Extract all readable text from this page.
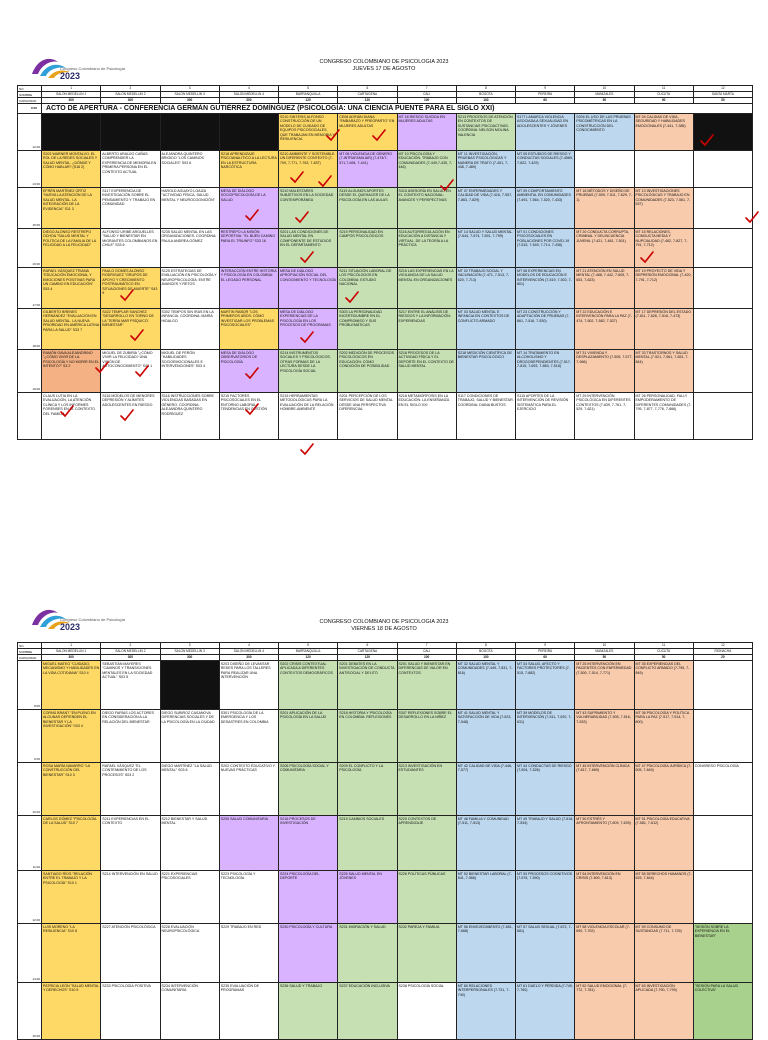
Congreso Colombiano de Psicología
2023
CONGRESO COLOMBIANO DE PSICOLOGIA 2023
JUEVES 17 DE AGOSTO
NO.	1	2	3	4	5	6	7	8	9	10	11	12
NOMBRE	SALON MEDELLIN 1	SALON MEDELLIN 2	SALON MEDELLIN 3	SALON MEDELLIN 4	BARRANQUILLA	CARTAGENA	CALI	BOGOTA	PEREIRA	MANIZALES	CUCUTA	SANTA MARTA
CAPACIDAD	300	300	300	300	120	120	100	100	60	50	50	50
9:00	ACTO DE APERTURA - CONFERENCIA GERMÁN GUTIÉRREZ DOMÍNGUEZ (PSICOLOGÍA: UNA CIENCIA PUENTE PARA EL SIGLO XXI)											
12:00					S210 SINTESIS ALFONSO CONSTRUCCIÓN DE UN MODELO DE CUIDADO DE EQUIPOS PSICOSOCIALES, QUE TRABAJAN EN MEMORIA Y RESILIENCIA	CE08 ADRIÁN DIANA "EMBARAZO Y PREOPARTO" EN MUJERES ADULTAS	MT 18 RIESGO SUICIDA EN MUJERES ADULTAS	S213 PROCESOS DE ATENCIÓN EN CONTEXTOS DE SUSTANCIAS PSICOACTIVAS. COORDINA: NELSON MOLINA VALENCIA	S177 LAMARCA VIOLENCIA ASOCIADA A SEXUALIDAD EN ADOLESCENTES Y JÓVENES	S204 EL USO DE LAS PRUEBAS PSICOMÉTRICAS EN LA CONSTRUCCIÓN DEL CONOCIMIENTO	MT 04 CALIDAD DE VIDA, SEGURIDAD Y HABILIDADES EMOCIONALES (7-441, 7-385)	
13:00	S203 WARNER MONTALVO. EL ROL DE LA REDES SOCIALES Y SALUD MENTAL. ¿DÓNDE Y CÓMO HABLAR? (S16 2)	ALBERTO ARAÚJO CAÑAS. COMPRENDER LA EXPERIENCIA DE MEMORIA EN PRIMERA PERSONA EN EL CONTEXTO ACTUAL	ALEJANDRA QUINTERO BRIGIDO "LOS CAMINOS SOCIALES" S03 6	S218 APRENDIZAJE PSICOANALÍTICO A LA LECTURA EN LA ESTRUCTURA NARCÓTICA	S210 AMBIENTE Y SOSTENIBLE. UN DIFERENTE CONTEXTO (7-709, 7-771, 7-763, 7-837)	MT 06 VIOLENCIA DE GÉNERO (7-INTRAFAMILIAR) (7-474/7-571,7-694, 7-441)	MT 10 PSICOLOGÍA Y EDUCACIÓN. TRABAJO CON COMUNIDADES (7-449,7-435, 7-446)	MT 11 INVESTIGACIÓN, PRUEBAS PSICOLÓGICAS Y MANERA DE TRATO (7-451, 7-438, 7-489)	MT 05 ESTUDIOS DE RIESGO Y CONDUCTAS SOCIALES (7-4589, 7-822, 7-429)			
15:00	EFRÉN MARTÍNEZ ORTIZ "NUEVA LA ATENCIÓN DE LA SALUD MENTAL. LA INTEGRACIÓN DE LA EVIDENCIA" S11 3	S117 EXPERIENCIA DE INVESTIGACIÓN SOBRE EL PENSAMIENTO Y TRABAJO EN COMUNIDAD	HAROLD AGUAYO LOAIZA "ACTIVIDAD FÍSICA, SALUD MENTAL Y NEUROCOGNICIÓN"	MESA DE DIÁLOGO SOCIOPSICOLOGÍA DE LA SALUD	S210 MALESTARES SUBJETIVOS EN LA SOCIEDAD CONTEMPORÁNEA	S119 ALGUNOS APORTES DESDE EL QUEHACER DE LA PSICOLOGÍA EN LAS AULAS	S315 ASESORÍA EN SALUD EN EL CONTEXTO NACIONAL: AVANCES Y PERSPECTIVAS	MT 07 ENFERMEDADES Y CALIDAD DE VIDA (7-416, 7-557, 7-863, 7-829)	MT 09 COMPORTAMIENTO AMBIENTAL EN COMUNIDADES (7-491, 7-564, 7-520, 7-433)	MT 16 MÉTODOS Y DISEÑO DE PRUEBAS (7-509, 7-511, 7-629, 7-1)	MT 13 INVESTIGACIONES PSICOLÓGICAS Y TRABAJO EN COMUNIDADES (7-523, 7-561, 7-537)	
16:00	DIEGO ALONSO RESTREPO OCHOA "SALUD MENTAL Y POLÍTICA DE LA FAMILIA DE LA FELICIDAD A LA FELICIDAD"	ALFONSO URIBE ARGUELLES "SALUD Y BIENESTAR EN MIGRANTES COLOMBIANOS EN CHILE" S33 6	S235 SALUD MENTAL EN LAS ORGANIZACIONES. COORDINA: PAULA ANDREA GÓMEZ	RESTREPO LA MISIÓN DEPORTIVA: "EL BUEN CAMINO PARA EL TRIUNFO" S33 16	S201 LAS CONDICIONES DE SALUD MENTAL EN COMPONENTE DE ESTUDIOS EN EL DEPARTAMENTO	S219 PERSONALIDAD EN CAMPOS PSICOLÓGICOS	S116 AUTORREGULACIÓN EN EDUCACIÓN A DISTANCIA Y VIRTUAL, DE LA TEORÍA A LA PRÁCTICA	MT 14 SALUD Y SALUD MENTAL (7-644, 7-674, 7-591, 7-799)	MT 01 CONDICIONES PSICOSOCIALES EN POBLACIONES POR COVID-19 (7-515, 7-549, 7-714, 7-436)	MT 20 CONDUCTA CORRUPTA, CRIMINAL Y DELINCUENCIA JUVENIL (7-421, 7-481, 7-501)	MT 15 RELACIONES, CONDUCTA MEDIA Y NUPCIALIDAD (7-462, 7-827, 7-791, 7-712)	
17:00	RAFAEL VÁSQUEZ TRIANA "EDUCACIÓN EMOCIONAL Y EMOCIONES POSITIVAS PARA UN CAMBIO EN EDUCACIÓN" S53 4	PAULO GOMES ALONSO RODRIGUEZ "GRUPOS DE APOYO Y CRECIMIENTO POSTRAUMÁTICO EN SITUACIONES DE MUERTE" S43 9	S125 ESTRATEGIAS DE EVALUACIÓN EN PSICOLOGÍA Y NEUROPSICOLOGÍA: ENTRE AVANCES Y RETOS	INTERACCIÓN ENTRE HISTORIA Y PSICOLOGÍA EN COLOMBIA: EL LEGADO PERSONAL	MESA DE DIÁLOGO APROPIACIÓN SOCIAL DEL CONOCIMIENTO Y TECNOLOGÍA	S211 SITUACIÓN LABORAL DE LOS PSICÓLOGOS EN COLOMBIA: ESTUDIO NACIONAL	S215 LAS EXPERIENCIAS EN LA VIGILANCIA DE LA SALUD MENTAL EN ORGANIZACIONES	MT 02 TRABAJO SOCIAL Y VACUNACIÓN (7-471, 7-513, 7-620, 7-713)	MT 08 EXPERIENCIAS EN MODELOS DE EDUCACIÓN E INTERVENCIÓN (7-519, 7-502, 7-801)	MT 21 ATENCIÓN EN SALUD MENTAL (7-468, 7-442, 7-605, 7-653, 7-623)	MT 19 PROYECTO DE VIDA Y DEPRESIÓN EMOCIONAL (7-420, 7-791, 7-712)	
18:00	GILBERTO BRENES HERNÁNDEZ "EVALUACIÓN EN SALUD MENTAL. LA NUEVA PRIORIDAD EN AMÉRICA LATINA PARA LA SALUD" S33 7	S422 TEMPLAR SANCHEZ "DESARROLLO EN TORNO DE LA 'TERRA MAR PSÍQUICO'. BIENESTAR"	S302 TEMPOS SIN IRAS EN LA INFANCIA. COORDINA: MARÍA HIDALGO	MARTIN RABOR "LOS PRIMEROS AÑOS: CÓMO INVESTIGAR LOS PROBLEMAS PSICOSOCIALES"	MESA DE DIÁLOGO EXPERIENCIAS DE LA PSICOLOGÍA EN LOS PROCESOS DE PROGRAMAS	S303 LA PERSONALIDAD INCERTIDUMBRE EN EL COMPROMISO Y SUS PROBLEMÁTICAS	S217 ENTRE EL ANÁLISIS DE RIESGOS Y LA INFORMACIÓN: EXPERIENCIAS	MT 03 SALUD MENTAL E INFANCIA EN CONTEXTOS DE CONFLICTO ARMADO	MT 23 CONSTRUCCIÓN Y ADAPTACIÓN DE PRUEBAS (7-861, 7-516, 7-530)	MT 22 EDUCACIÓN E INTERVENCIÓN PARA LA PAZ (7-474, 7-502, 7-582, 7-527)	MT 17 DEPRESIÓN DEL ESTADO (7-811, 7-628, 7-516, 7-473)	
19:00	RAMÓN GAVA ALEJANDRINO "¿CÓMO VIVIR DE LA PSICOLOGÍA Y NO MORIR EN EL INTENTO?" S3 2	MIGUEL DE ZUBIRÍA "¿CÓMO VIVIR LA FELICIDAD? UNA VISIÓN DE AUTOCONOCIMIENTO" S43 1	MIGUEL DE FERÓN "HABILIDADES SOCIOEMOCIONALES E INTERVENCIONES" S03 4	MESA DE DIÁLOGO OBSERVATORIOS DE PSICOLOGÍA	S214 INSTRUMENTOS SOCIALES Y PSICOLÓGICOS. OTRAS FORMAS DE LA LECTURA DESDE LA PSICOLOGÍA SOCIAL	S202 MEDICIÓN DE PROCESOS PSICOLÓGICOS EN EDUCACIÓN: CÓMO CONDICIÓN DE POSIBILIDAD	S218 PROCESOS DE LA ACTIVIDAD FÍSICA Y EL DEPORTE EN EL CONTEXTO DE SALUD MENTAL	S218 MEDICIÓN CIENTÍFICA DE BIENESTAR PSICOLÓGICO	MT 14 TRATAMIENTO EN ALCOHOLISMO Y DROGODEPENDIENTES (7-517, 7-815, 7-693, 7-863, 7-518)	MT 31 VIVIENDA Y DESPLAZAMIENTO (7-505, 7-577, 7-966)	MT 33 TRASTORNOS Y SALUD MENTAL (7-521, 7-561, 7-651, 7-844)	
	CLAUS LUTIA EN LA EVALUACIÓN, LA ATENCIÓN CLÍNICA Y LOS INFORMES FORENSES EN EL CONTEXTO DEL FAMILIA	S116 MODELOS DE MENORES DEPRESIÓN Y ALÍMITES ADOLESCENTES EN RIESGO	S116 INSTRUCCIONES SOBRE VIOLENCIAS BASADAS EN GÉNERO. COORDINA: ALEJANDRA QUINTERO RODRÍGUEZ	S215 FACTORES PSICOSOCIALES EN EL ENTORNO LABORAL: TENDENCIAS EN GESTIÓN	S215 HERRAMIENTAS METODOLÓGICAS PARA LA EVALUACIÓN DE LA RELACIÓN HOMBRE-AMBIENTE	S201 PERCEPCIÓN DE LOS SERVICIOS DE SALUD MENTAL DESDE UNA PERSPECTIVA DIFERENCIAL	S218 METAMORFOSIS EN LA EDUCACIÓN: LA ENSEÑANZA EN EL SIGLO XXI	S117 CONDICIONES DE TRABAJO, SALUD Y BIENESTAR. COORDINA: DIANA BUSTOS	S115 APORTES DE LA INTERVENCIÓN DE REVISIÓN SISTEMÁTICA PARA EL EJERCICIO	MT 29 INTERVENCIÓN PSICOLÓGICA EN DIFERENTES CONTEXTOS (7-639, 7-761, 7-529, 7-621)	MT 26 PERSONALIDAD, FALLY EMPODERAMIENTO DE DIFERENTES COMUNIDADES (7-795, 7-877, 7-776, 7-866)	
Congreso Colombiano de Psicología
2023	CONGRESO COLOMBIANO DE PSICOLOGIA 2023
VIERNES 18 DE AGOSTO
NO.	1	2	3	4	5	6	7	8	9	10	11	12
NOMBRE	SALON MEDELLIN 1	SALON MEDELLIN 2	SALON MEDELLIN 3	SALON MEDELLIN 4	BARRANQUILLA	CARTAGENA	CALI	BOGOTA	PEREIRA	MANIZALES	CUCUTA	RIOHACHA
CAPACIDAD	300	300	300	300	120	120	100	100	60	50	50	20
8:00	MIGUEL MATEO "CUIDADO, MECANISMO Y HABILIDADES EN LA VIDA COTIDIANA" S10 4	SEBASTIÁN MAYERES "CAMINOS Y TRANSICIONES MENTALES EN LA SOCIEDAD ACTUAL" S03 5		S203 DISEÑO DE LEVANTAR REDES PARA LOS TALLERES PARA REALIZAR UNA INTERVENCIÓN	S202 CRISIS CONTEXTUAL APLICADA A DIFERENTES CONTEXTOS DEMOGRÁFICOS	S201 DEBATES EN LA INVESTIGACIÓN DE CONDUCTA ANTISOCIAL Y DELITO	S201 SALUD Y BIENESTAR EN DIFERENCIAS DE VALOR EN CONTEXTOS	MT 32 SALUD MENTAL Y COMUNIDADES (7-449, 7-531, 7-816)	MT 34 SALUD, AFECTO Y FACTORES PROTECTORES (7-515, 7-682)	MT 25 INTERVENCIÓN EN PACIENTES CON ENFERMEDAD (7-500, 7-514, 7-771)	MT 35 EXPERIENCIAS DEL CONFLICTO ARMADO (7-795, 7-849)	
9:00	CORNÚ BRANT "EN PLENO EN ALGUNAS DEFIENDEN EL BIENESTAR Y LA INVESTIGACIÓN" S03 4	DIEGO FARÍAS LOS ACTORES EN CONSIDERACIÓN A LA RELACIÓN DEL BIENESTAR	DIEGO SUBIROZ CASANOVA DIFERENCIAS SOCIALES Y DE LA PSICOLOGÍA EN LA CIUDAD	S301 PSICOLOGÍA DE LA EMERGENCIA Y LOS DESASTRES EN COLOMBIA	S201 APLICACIÓN DE LA PSICOLOGÍA EN LA SALUD	S218 HISTORIA Y PSICOLOGÍA EN COLOMBIA: REFLEXIONES	S307 REFLEXIONES SOBRE EL DESARROLLO EN LA NIÑEZ	MT 41 SALUD MENTAL Y SATISFACCIÓN DE VIDA (7-523, 7-548)	MT 39 MODELOS DE INTERVENCIÓN (7-511, 7-520, 7-631)	MT 43 SUFRIMIENTO Y VULNERABILIDAD (7-505, 7-516, 7-533)	MT 36 PSICOLOGÍA Y POLÍTICA PARA LA PAZ (7-517, 7-514, 7-800)	
10:00	ROSA MARÍA NAVARRO "LA CONSTRUCCIÓN DEL BIENESTAR" S10 3	RAFAEL VÁSQUEZ "EL CONTENIMIENTO DE LOS PROCESOS" S03 2	DIEGO MARTÍNEZ "LA SALUD MENTAL" S03 6	S202 CONTEXTO EDUCATIVO Y NUEVAS PRÁCTICAS	S206 PSICOLOGÍA SOCIAL Y COMUNITARIA	S209 EL CONFLICTO Y LA PSICOLOGÍA	S213 INVESTIGACIÓN EN ESTUDIANTES	MT 42 CALIDAD DE VIDA (7-446, 7-577)	MT 44 CONDUCTAS DE RIESGO (7-504, 7-526)	MT 45 INTERVENCIÓN CLÍNICA (7-617, 7-669)	MT 47 PSICOLOGÍA JURÍDICA (7-505, 7-649)	CONGRESO PSICOLOGÍA
11:00	CARLOS GÓMEZ "PSICOLOGÍA DE LA SALUD" S10 7	S211 EXPERIENCIAS EN EL CONTEXTO	S212 BIENESTAR Y SALUD MENTAL	S205 SALUD COMUNITARIA	S216 PROCESOS DE INVESTIGACIÓN	S219 CAMBIOS SOCIALES	S220 CONTEXTOS DE APRENDIZAJE	MT 48 FAMILIA Y COMUNIDAD (7-511, 7-513)	MT 49 TRABAJO Y SALUD (7-518, 7-534)	MT 50 ESTRÉS Y AFRONTAMIENTO (7-609, 7-639)	MT 51 PSICOLOGÍA EDUCATIVA (7-581, 7-612)	
12:00	SANTIAGO RÍOS "RELACIÓN ENTRE EL TRABAJO Y LA PSICOLOGÍA" S10 1	S214 INTERVENCIÓN EN SALUD	S221 EXPERIENCIAS PSICOSOCIALES	S223 PSICOLOGÍA Y TECNOLOGÍA	S224 PSICOLOGÍA DEL DEPORTE	S225 SALUD MENTAL EN JÓVENES	S226 POLÍTICAS PÚBLICAS	MT 52 BIENESTAR LABORAL (7-541, 7-566)	MT 53 PROCESOS COGNITIVOS (7-576, 7-590)	MT 54 INTERVENCIÓN EN CRISIS (7-600, 7-613)	MT 55 DERECHOS HUMANOS (7-625, 7-644)	
14:00	LUIS MORENO "LA RESILIENCIA" S10 8	S227 ATENCIÓN PSICOLÓGICA	S228 EVALUACIÓN NEUROPSICOLÓGICA	S229 TRABAJO EN RED	S230 PSICOLOGÍA Y CULTURA	S231 MIGRACIÓN Y SALUD	S232 PAREJA Y FAMILIA	MT 56 ENVEJECIMIENTO (7-651, 7-668)	MT 57 SALUD SEXUAL (7-672, 7-681)	MT 58 VIOLENCIA ESCOLAR (7-690, 7-702)	MT 59 CONSUMO DE SUSTANCIAS (7-711, 7-725)	"SESIÓN SOBRE LA EXPERIENCIA EN EL BIENESTAR"
15:00	PATRICIA LEÓN "SALUD MENTAL Y DERECHOS" S10 5	S233 PSICOLOGÍA POSITIVA	S234 INTERVENCIÓN COMUNITARIA	S235 EVALUACIÓN DE PROGRAMAS	S236 SALUD Y TRABAJO	S237 EDUCACIÓN INCLUSIVA	S238 PSICOLOGÍA SOCIAL	MT 60 RELACIONES INTERPERSONALES (7-731, 7-740)	MT 61 DUELO Y PÉRDIDA (7-749, 7-760)	MT 62 SALUD EMOCIONAL (7-772, 7-781)	MT 63 INVESTIGACIÓN APLICADA (7-790, 7-799)	"SESIÓN PARA LA SALUD COLECTIVA"
